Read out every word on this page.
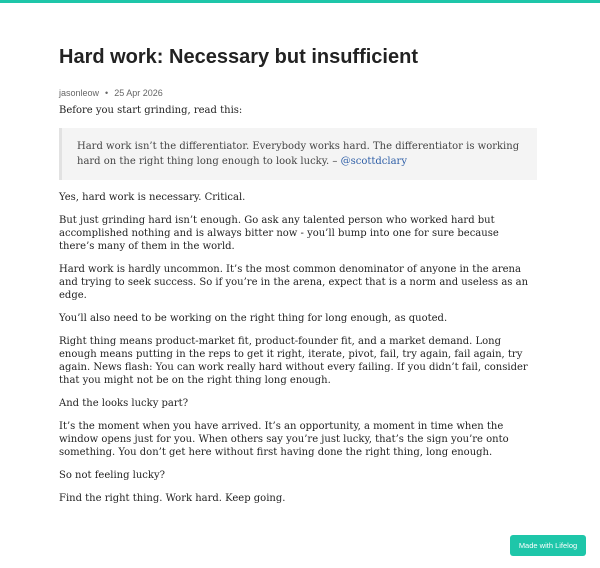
Hard work: Necessary but insufficient
jasonleow • 25 Apr 2026
Before you start grinding, read this:
Hard work isn’t the differentiator. Everybody works hard. The differentiator is working hard on the right thing long enough to look lucky. – @scottdclary

Yes, hard work is necessary. Critical.

But just grinding hard isn’t enough. Go ask any talented person who worked hard but accomplished nothing and is always bitter now - you’ll bump into one for sure because there’s many of them in the world.

Hard work is hardly uncommon. It’s the most common denominator of anyone in the arena and trying to seek success. So if you’re in the arena, expect that is a norm and useless as an edge.

You’ll also need to be working on the right thing for long enough, as quoted.

Right thing means product-market fit, product-founder fit, and a market demand. Long enough means putting in the reps to get it right, iterate, pivot, fail, try again, fail again, try again. News flash: You can work really hard without every failing. If you didn’t fail, consider that you might not be on the right thing long enough.

And the looks lucky part?

It’s the moment when you have arrived. It’s an opportunity, a moment in time when the window opens just for you. When others say you’re just lucky, that’s the sign you’re onto something. You don’t get here without first having done the right thing, long enough.

So not feeling lucky?

Find the right thing. Work hard. Keep going.

Made with Lifelog
